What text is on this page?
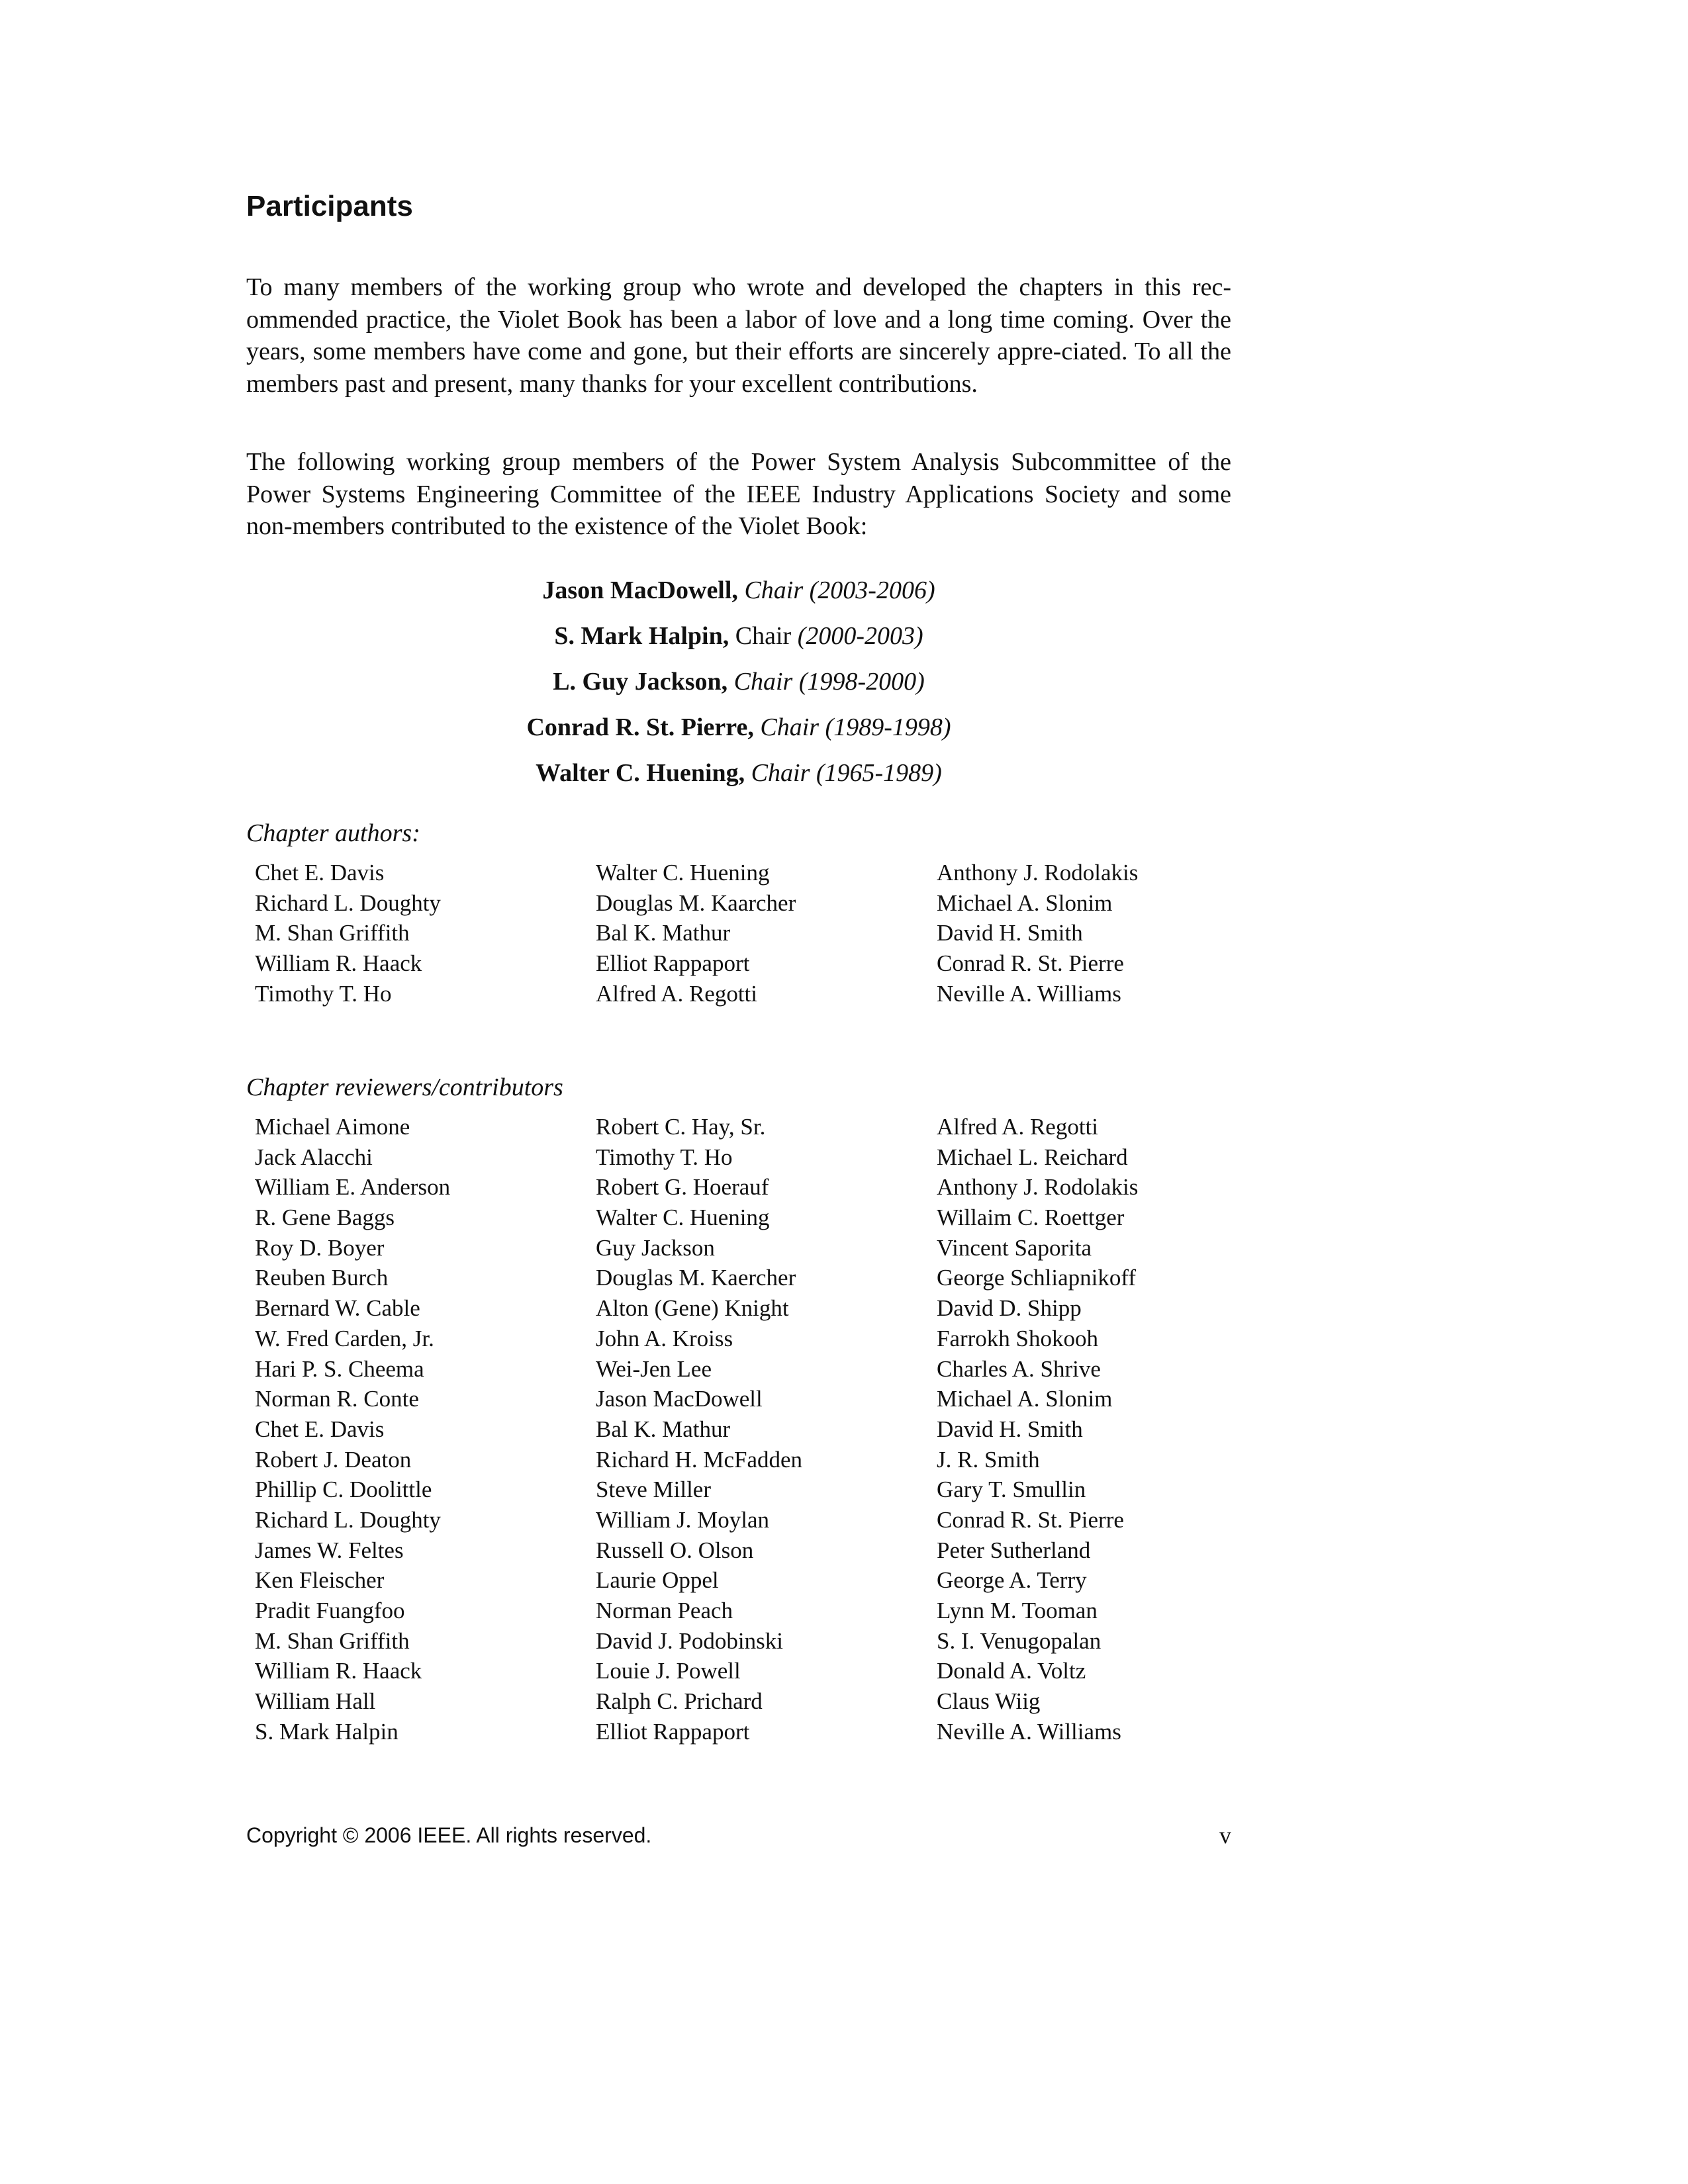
Participants

To many members of the working group who wrote and developed the chapters in this rec-ommended practice, the Violet Book has been a labor of love and a long time coming. Over the years, some members have come and gone, but their efforts are sincerely appre-ciated. To all the members past and present, many thanks for your excellent contributions.

The following working group members of the Power System Analysis Subcommittee of the Power Systems Engineering Committee of the IEEE Industry Applications Society and some non-members contributed to the existence of the Violet Book:

Jason MacDowell, Chair (2003-2006)
S. Mark Halpin, Chair (2000-2003)
L. Guy Jackson, Chair (1998-2000)
Conrad R. St. Pierre, Chair (1989-1998)
Walter C. Huening, Chair (1965-1989)
Chapter authors:
Chet E. Davis
Richard L. Doughty
M. Shan Griffith
William R. Haack
Timothy T. Ho
Walter C. Huening
Douglas M. Kaarcher
Bal K. Mathur
Elliot Rappaport
Alfred A. Regotti
Anthony J. Rodolakis
Michael A. Slonim
David H. Smith
Conrad R. St. Pierre
Neville A. Williams
Chapter reviewers/contributors
Michael Aimone
Jack Alacchi
William E. Anderson
R. Gene Baggs
Roy D. Boyer
Reuben Burch
Bernard W. Cable
W. Fred Carden, Jr.
Hari P. S. Cheema
Norman R. Conte
Chet E. Davis
Robert J. Deaton
Phillip C. Doolittle
Richard L. Doughty
James W. Feltes
Ken Fleischer
Pradit Fuangfoo
M. Shan Griffith
William R. Haack
William Hall
S. Mark Halpin
Robert C. Hay, Sr.
Timothy T. Ho
Robert G. Hoerauf
Walter C. Huening
Guy Jackson
Douglas M. Kaercher
Alton (Gene) Knight
John A. Kroiss
Wei-Jen Lee
Jason MacDowell
Bal K. Mathur
Richard H. McFadden
Steve Miller
William J. Moylan
Russell O. Olson
Laurie Oppel
Norman Peach
David J. Podobinski
Louie J. Powell
Ralph C. Prichard
Elliot Rappaport
Alfred A. Regotti
Michael L. Reichard
Anthony J. Rodolakis
Willaim C. Roettger
Vincent Saporita
George Schliapnikoff
David D. Shipp
Farrokh Shokooh
Charles A. Shrive
Michael A. Slonim
David H. Smith
J. R. Smith
Gary T. Smullin
Conrad R. St. Pierre
Peter Sutherland
George A. Terry
Lynn M. Tooman
S. I. Venugopalan
Donald A. Voltz
Claus Wiig
Neville A. Williams
Copyright © 2006 IEEE. All rights reserved.	v
